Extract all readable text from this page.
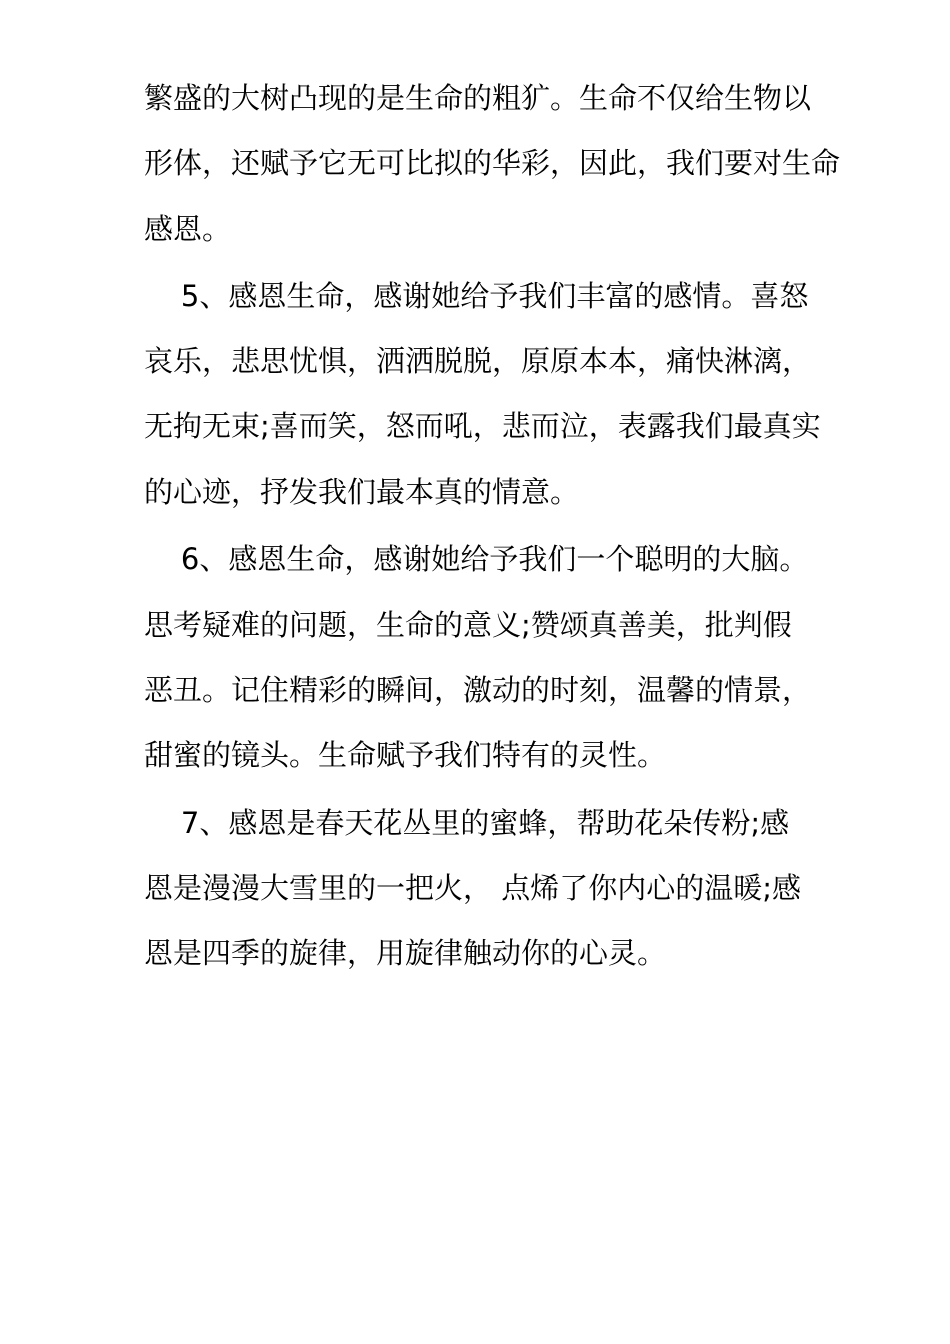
繁盛的大树凸现的是生命的粗犷。生命不仅给生物以
形体，还赋予它无可比拟的华彩，因此，我们要对生命
感恩。
5、感恩生命，感谢她给予我们丰富的感情。喜怒
哀乐，悲思忧惧，洒洒脱脱，原原本本，痛快淋漓，
无拘无束;喜而笑，怒而吼，悲而泣，表露我们最真实
的心迹，抒发我们最本真的情意。
6、感恩生命，感谢她给予我们一个聪明的大脑。
思考疑难的问题，生命的意义;赞颂真善美，批判假
恶丑。记住精彩的瞬间，激动的时刻，温馨的情景，
甜蜜的镜头。生命赋予我们特有的灵性。
7、感恩是春天花丛里的蜜蜂，帮助花朵传粉;感
恩是漫漫大雪里的一把火， 点烯了你内心的温暖;感
恩是四季的旋律，用旋律触动你的心灵。
